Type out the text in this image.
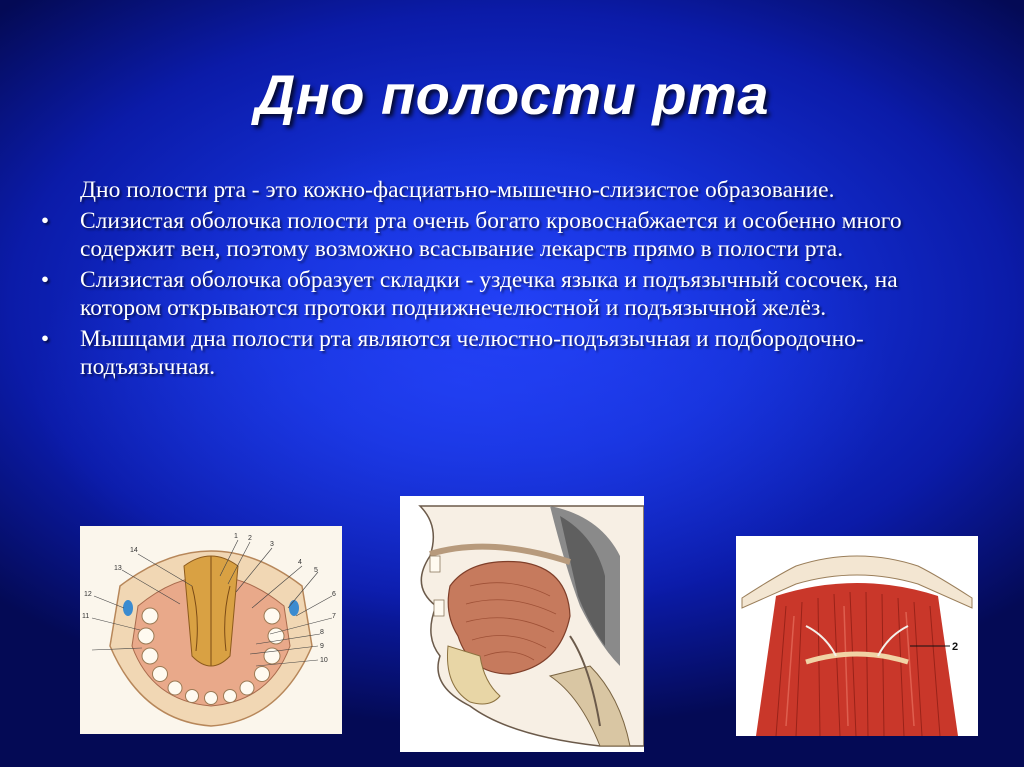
Дно полости рта

Дно полости рта - это кожно-фасциатьно-мышечно-слизистое образование.

• Слизистая оболочка полости рта очень богато кровоснабжается и особенно много содержит вен, поэтому возможно всасывание лекарств прямо в полости рта.
• Слизистая оболочка образует складки - уздечка языка и подъязычный сосочек, на котором открываются протоки поднижнечелюстной и подъязычной желёз.
• Мышцами дна полости рта являются челюстно-подъязычная и подбородочно-подъязычная.
14
1 2
3
13
4
5
12	6
7
8
11
9
10
2
